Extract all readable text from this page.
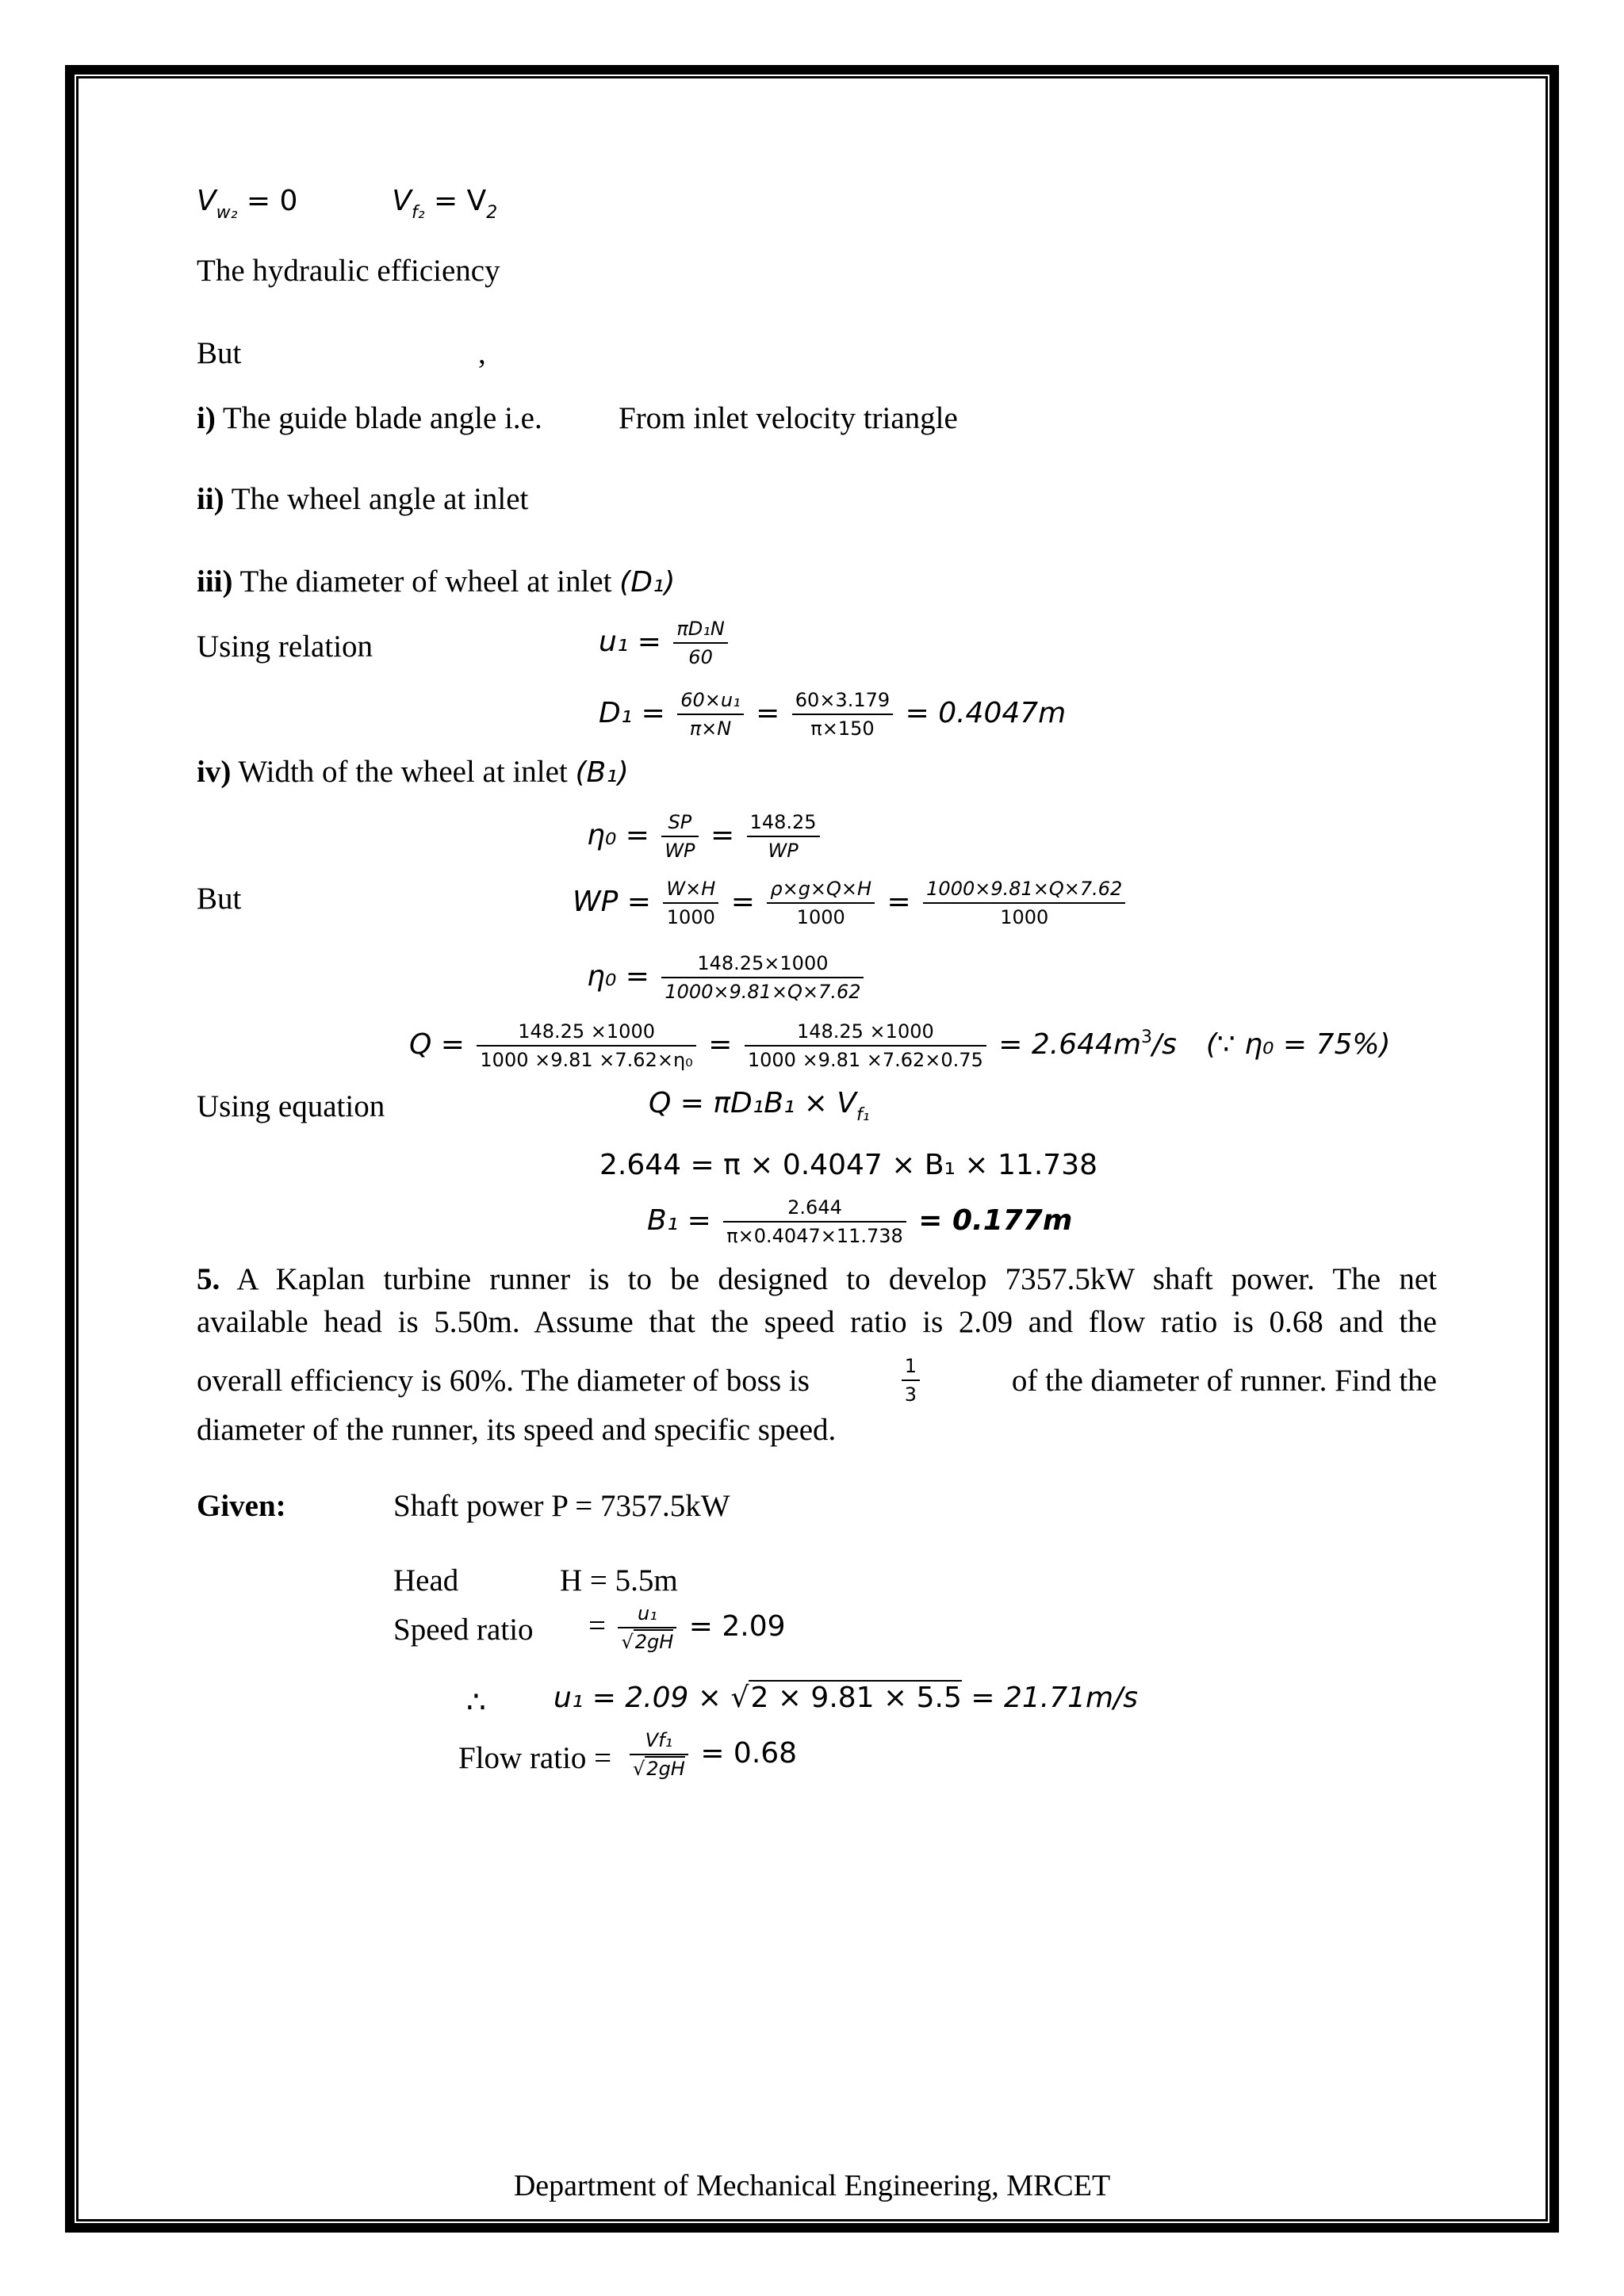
$V_{w_2} = 0$	$V_{f_2} = V_2$
The hydraulic efficiency
But	,
i) The guide blade angle i.e. From inlet velocity triangle
ii) The wheel angle at inlet
iii) The diameter of wheel at inlet (D₁)
Using relation	$u_1 = \frac{\text{πD₁N}}{60}$
$D_1 = \frac{\text{60×u₁}}{\pi\times N} = \frac{60\times 3.179}{\pi\times 150} = 0.4047m$
iv) Width of the wheel at inlet (B₁)
$\eta_0 = \frac{SP}{WP} = \frac{148.25}{WP}$
But	WP = $\frac{W\times H}{1000} = \frac{\rho\times g\times Q\times H}{1000} = \frac{1000\times 9.81\times Q\times 7.62}{1000}$
$\eta_0 = \frac{148.25\times 1000}{1000\times 9.81\times Q\times 7.62}$
$Q = \frac{148.25 \times 1000}{\text{1000 ×9.81 ×7.62×η₀}} = \frac{148.25 \times 1000}{1000 \times 9.81 \times 7.62\times 0.75} = 2.644m^3/s$ (∵ η₀ = 75%)
Using equation	$Q = \pi D_1B_1 \times V_{f_1}$
2.644 = π × 0.4047 × B₁ × 11.738
$B_1 = \frac{2.644}{\pi\times 0.4047\times 11.738} = 0.177m$
5. A Kaplan turbine runner is to be designed to develop 7357.5kW shaft power. The net
available head is 5.50m. Assume that the speed ratio is 2.09 and flow ratio is 0.68 and the
overall efficiency is 60%. The diameter of boss is	$\frac{1}{3}$	of the diameter of runner. Find the
diameter of the runner, its speed and specific speed.
Given:	Shaft power P = 7357.5kW
Head	H = 5.5m
Speed ratio = $\frac{\text{u₁}}{√2gH} = 2.09$
∴ u₁ = 2.09 × √2 × 9.81 × 5.5 = 21.71m/s
Flow ratio = $\frac{\text{Vf₁}}{√2gH} = 0.68$
Department of Mechanical Engineering, MRCET
